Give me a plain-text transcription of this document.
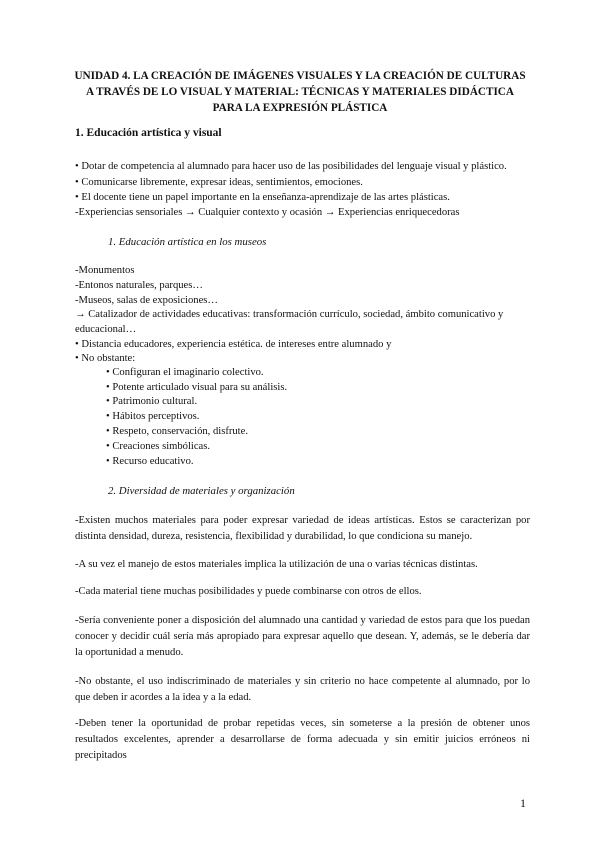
UNIDAD 4. LA CREACIÓN DE IMÁGENES VISUALES Y LA CREACIÓN DE CULTURAS
A TRAVÉS DE LO VISUAL Y MATERIAL: TÉCNICAS Y MATERIALES DIDÁCTICA
PARA LA EXPRESIÓN PLÁSTICA
1. Educación artística y visual
• Dotar de competencia al alumnado para hacer uso de las posibilidades del lenguaje visual y plástico.
• Comunicarse libremente, expresar ideas, sentimientos, emociones.
• El docente tiene un papel importante en la enseñanza-aprendizaje de las artes plásticas.
-Experiencias sensoriales → Cualquier contexto y ocasión → Experiencias enriquecedoras
1. Educación artística en los museos
-Monumentos
-Entonos naturales, parques…
-Museos, salas de exposiciones…
→ Catalizador de actividades educativas: transformación currículo, sociedad, ámbito comunicativo y
educacional…
• Distancia educadores, experiencia estética. de intereses entre alumnado y
• No obstante:
• Configuran el imaginario colectivo.
• Potente articulado visual para su análisis.
• Patrimonio cultural.
• Hábitos perceptivos.
• Respeto, conservación, disfrute.
• Creaciones simbólicas.
• Recurso educativo.
2. Diversidad de materiales y organización
-Existen muchos materiales para poder expresar variedad de ideas artísticas. Estos se caracterizan por distinta densidad, dureza, resistencia, flexibilidad y durabilidad, lo que condiciona su manejo.
-A su vez el manejo de estos materiales implica la utilización de una o varias técnicas distintas.
-Cada material tiene muchas posibilidades y puede combinarse con otros de ellos.
-Sería conveniente poner a disposición del alumnado una cantidad y variedad de estos para que los puedan conocer y decidir cuál sería más apropiado para expresar aquello que desean. Y, además, se le debería dar la oportunidad a menudo.
-No obstante, el uso indiscriminado de materiales y sin criterio no hace competente al alumnado, por lo que deben ir acordes a la idea y a la edad.
-Deben tener la oportunidad de probar repetidas veces, sin someterse a la presión de obtener unos resultados excelentes, aprender a desarrollarse de forma adecuada y sin emitir juicios erróneos ni precipitados
1
